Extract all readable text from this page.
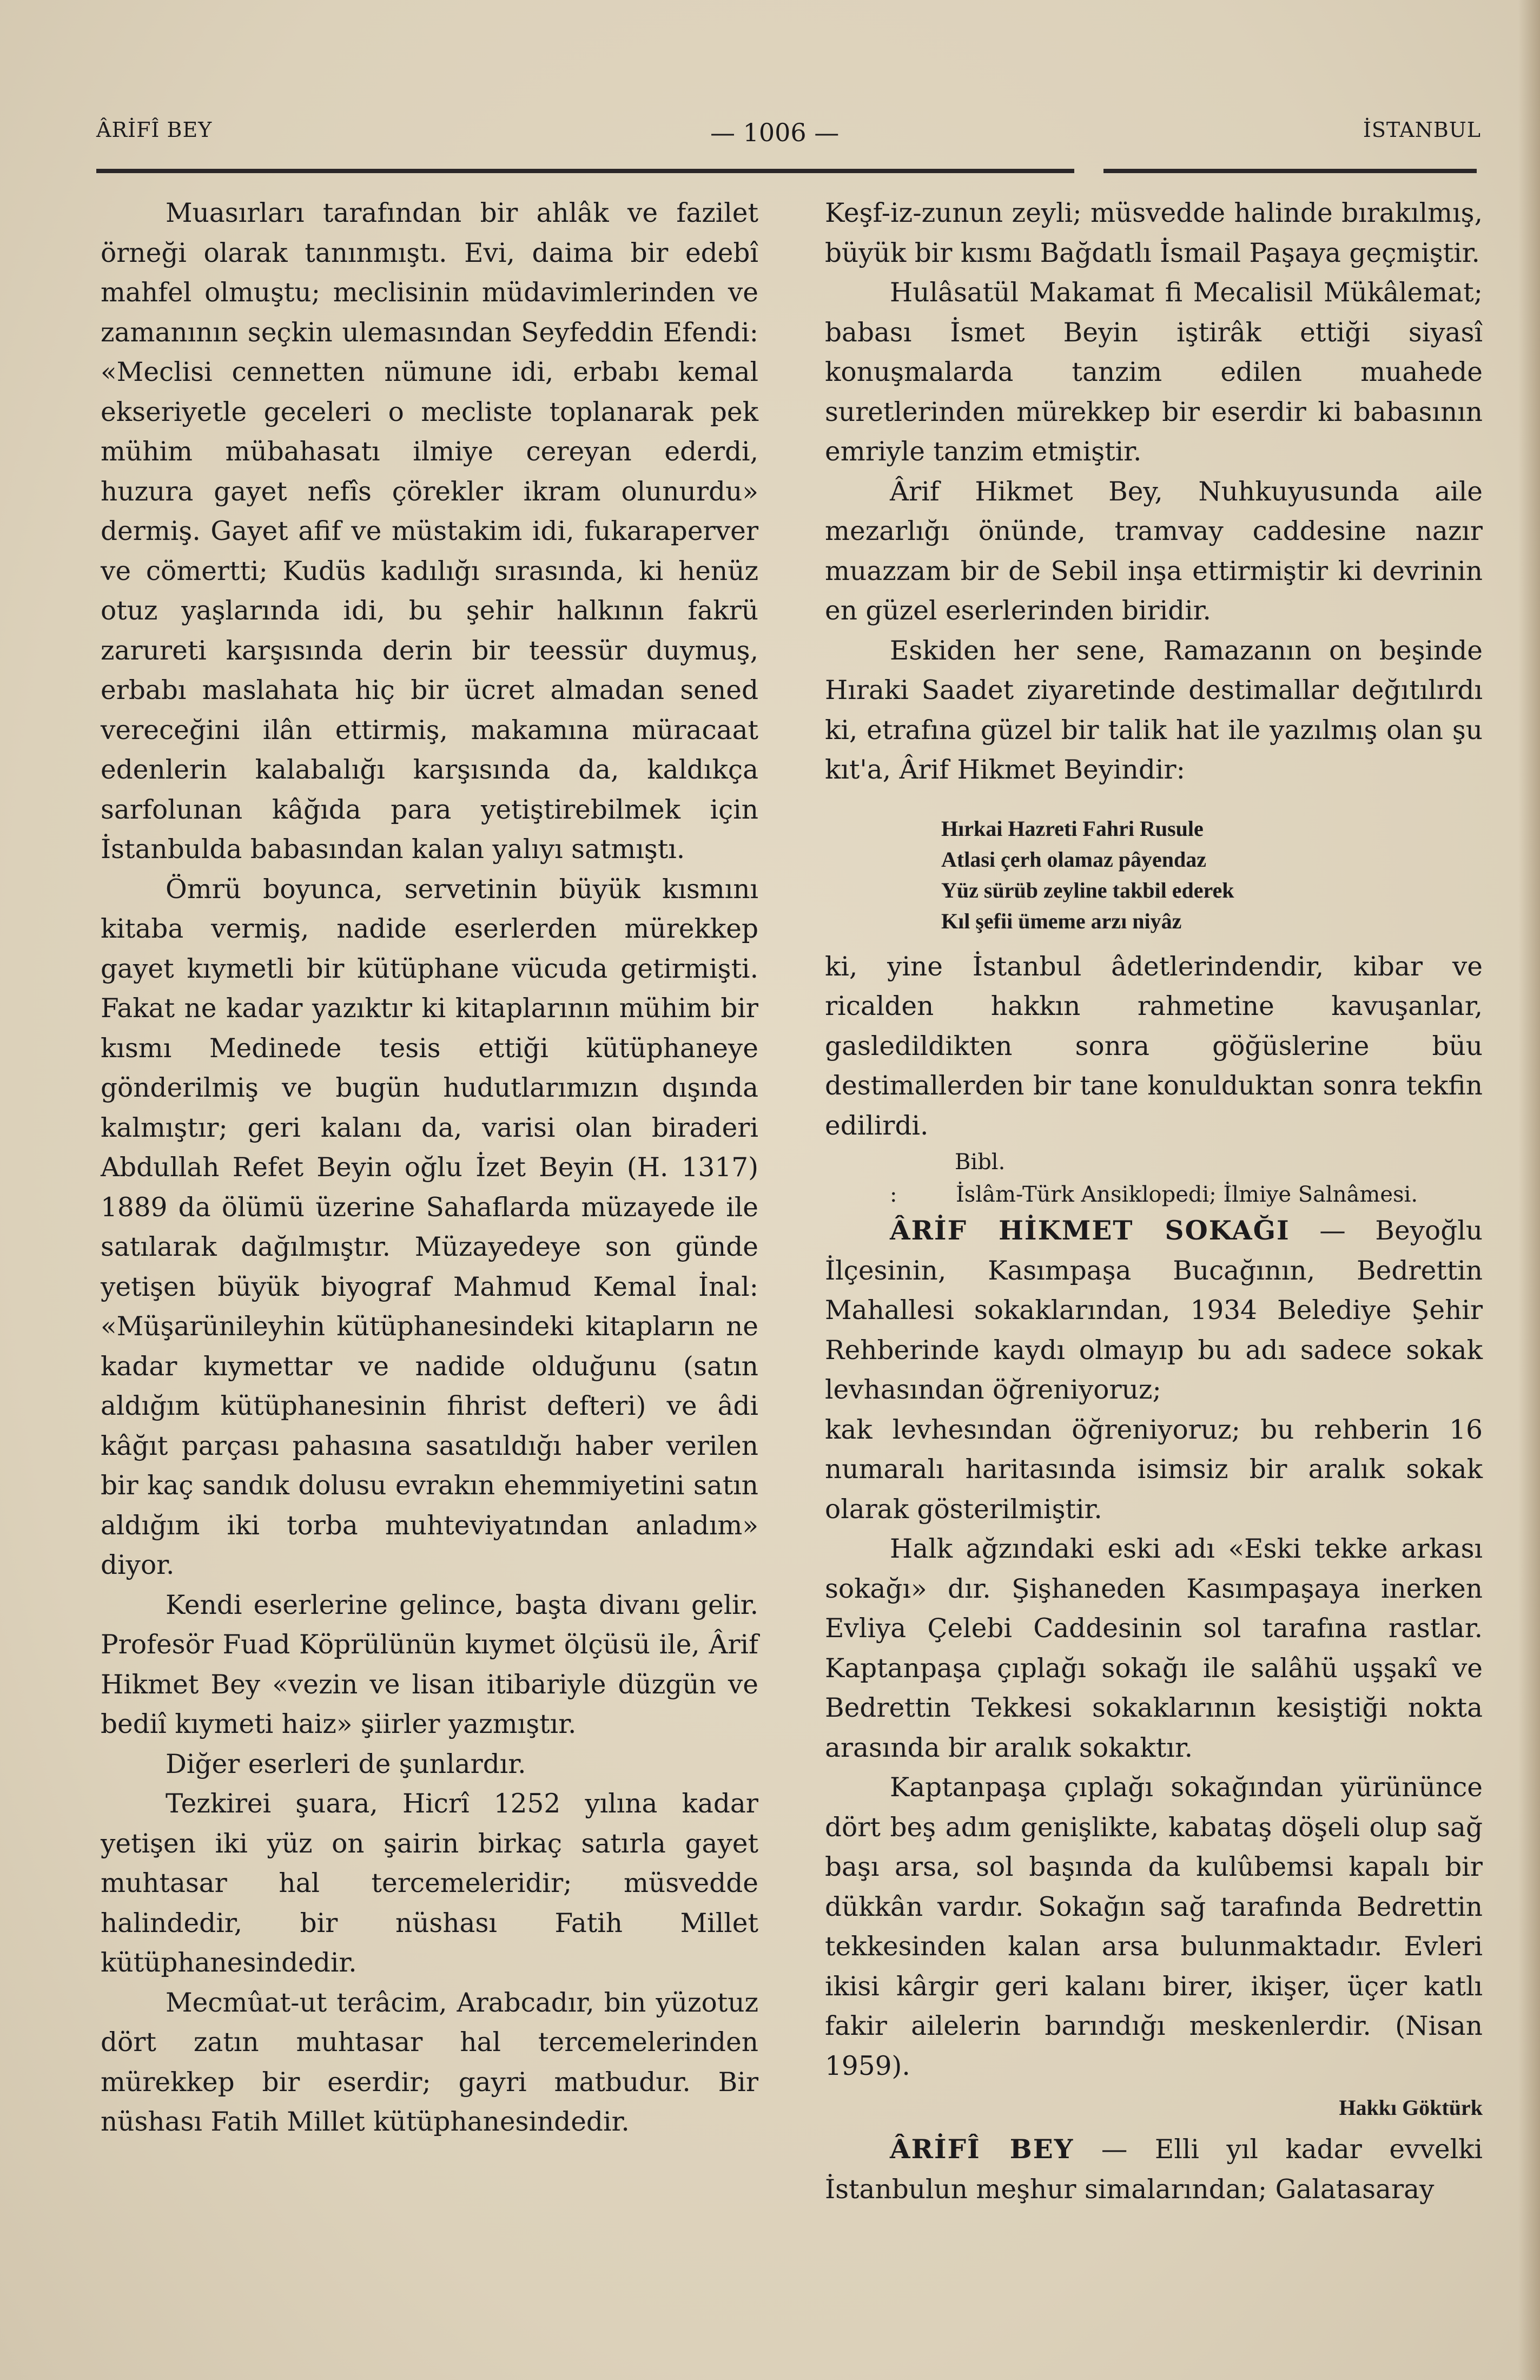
ÂRİFÎ BEY	— 1006 —	İSTANBUL

Muasırları tarafından bir ahlâk ve fazilet örneği olarak tanınmıştı. Evi, daima bir edebî mahfel olmuştu; meclisinin müdavimlerinden ve zamanının seçkin ulemasından Seyfeddin Efendi: «Meclisi cennetten nümune idi, erbabı kemal ekseriyetle geceleri o mecliste toplanarak pek mühim mübahasatı ilmiye cereyan ederdi, huzura gayet nefîs çörekler ikram olunurdu» dermiş. Gayet afif ve müstakim idi, fukaraperver ve cömertti; Kudüs kadılığı sırasında, ki henüz otuz yaşlarında idi, bu şehir halkının fakrü zarureti karşısında derin bir teessür duymuş, erbabı maslahata hiç bir ücret almadan sened vereceğini ilân ettirmiş, makamına müracaat edenlerin kalabalığı karşısında da, kaldıkça sarfolunan kâğıda para yetiştirebilmek için İstanbulda babasından kalan yalıyı satmıştı.

Ömrü boyunca, servetinin büyük kısmını kitaba vermiş, nadide eserlerden mürekkep gayet kıymetli bir kütüphane vücuda getirmişti. Fakat ne kadar yazıktır ki kitaplarının mühim bir kısmı Medinede tesis ettiği kütüphaneye gönderilmiş ve bugün hudutlarımızın dışında kalmıştır; geri kalanı da, varisi olan biraderi Abdullah Refet Beyin oğlu İzet Beyin (H. 1317) 1889 da ölümü üzerine Sahaflarda müzayede ile satılarak dağılmıştır. Müzayedeye son günde yetişen büyük biyograf Mahmud Kemal İnal: «Müşarünileyhin kütüphanesindeki kitapların ne kadar kıymettar ve nadide olduğunu (satın aldığım kütüphanesinin fihrist defteri) ve âdi kâğıt parçası pahasına sasatıldığı haber verilen bir kaç sandık dolusu evrakın ehemmiyetini satın aldığım iki torba muhteviyatından anladım» diyor.

Kendi eserlerine gelince, başta divanı gelir. Profesör Fuad Köprülünün kıymet ölçüsü ile, Ârif Hikmet Bey «vezin ve lisan itibariyle düzgün ve bediî kıymeti haiz» şiirler yazmıştır.

Diğer eserleri de şunlardır.

Tezkirei şuara, Hicrî 1252 yılına kadar yetişen iki yüz on şairin birkaç satırla gayet muhtasar hal tercemeleridir; müsvedde halindedir, bir nüshası Fatih Millet kütüphanesindedir.

Mecmûat-ut terâcim, Arabcadır, bin yüzotuz dört zatın muhtasar hal tercemelerinden mürekkep bir eserdir; gayri matbudur. Bir nüshası Fatih Millet kütüphanesindedir.

Keşf-iz-zunun zeyli; müsvedde halinde bırakılmış, büyük bir kısmı Bağdatlı İsmail Paşaya geçmiştir.

Hulâsatül Makamat fi Mecalisil Mükâlemat; babası İsmet Beyin iştirâk ettiği siyasî konuşmalarda tanzim edilen muahede suretlerinden mürekkep bir eserdir ki babasının emriyle tanzim etmiştir.

Ârif Hikmet Bey, Nuhkuyusunda aile mezarlığı önünde, tramvay caddesine nazır muazzam bir de Sebil inşa ettirmiştir ki devrinin en güzel eserlerinden biridir.

Eskiden her sene, Ramazanın on beşinde Hıraki Saadet ziyaretinde destimallar değıtılırdı ki, etrafına güzel bir talik hat ile yazılmış olan şu kıt'a, Ârif Hikmet Beyindir:

Hırkai Hazreti Fahri Rusule
Atlasi çerh olamaz pâyendaz
Yüz sürüb zeyline takbil ederek
Kıl şefii ümeme arzı niyâz

ki, yine İstanbul âdetlerindendir, kibar ve ricalden hakkın rahmetine kavuşanlar, gasledildikten sonra göğüslerine büu destimallerden bir tane konulduktan sonra tekfin edilirdi.

Bibl. :	İslâm-Türk Ansiklopedi; İlmiye Salnâmesi.

ÂRİF HİKMET SOKAĞI — Beyoğlu İlçesinin, Kasımpaşa Bucağının, Bedrettin Mahallesi sokaklarından, 1934 Belediye Şehir Rehberinde kaydı olmayıp bu adı sadece sokak levhasından öğreniyoruz;

kak levhesından öğreniyoruz; bu rehberin 16 numaralı haritasında isimsiz bir aralık sokak olarak gösterilmiştir.

Halk ağzındaki eski adı «Eski tekke arkası sokağı» dır. Şişhaneden Kasımpaşaya inerken Evliya Çelebi Caddesinin sol tarafına rastlar. Kaptanpaşa çıplağı sokağı ile salâhü uşşakî ve Bedrettin Tekkesi sokaklarının kesiştiği nokta arasında bir aralık sokaktır.

Kaptanpaşa çıplağı sokağından yürününce dört beş adım genişlikte, kabataş döşeli olup sağ başı arsa, sol başında da kulûbemsi kapalı bir dükkân vardır. Sokağın sağ tarafında Bedrettin tekkesinden kalan arsa bulunmaktadır. Evleri ikisi kârgir geri kalanı birer, ikişer, üçer katlı fakir ailelerin barındığı meskenlerdir. (Nisan 1959).

Hakkı Göktürk

ÂRİFÎ BEY — Elli yıl kadar evvelki İstanbulun meşhur simalarından; Galatasaray
